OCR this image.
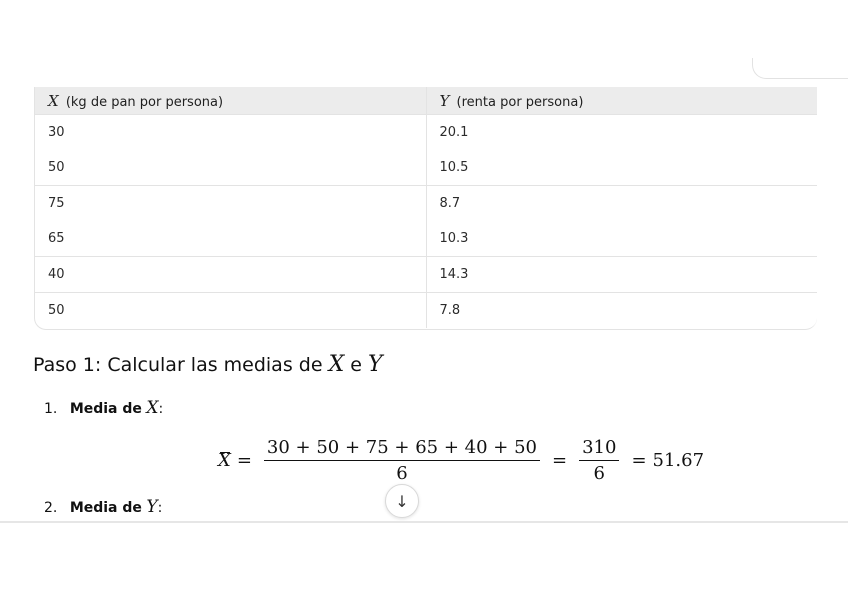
X (kg de pan por persona)	Y (renta por persona)
30	20.1
50	10.5
75	8.7
65	10.3
40	14.3
50	7.8
Paso 1: Calcular las medias de X e Y
1. Media de X:
$X = \frac{30 + 50 + 75 + 65 + 40 + 50}{6} = \frac{310}{6} = 51.67$
2. Media de Y:	↓
